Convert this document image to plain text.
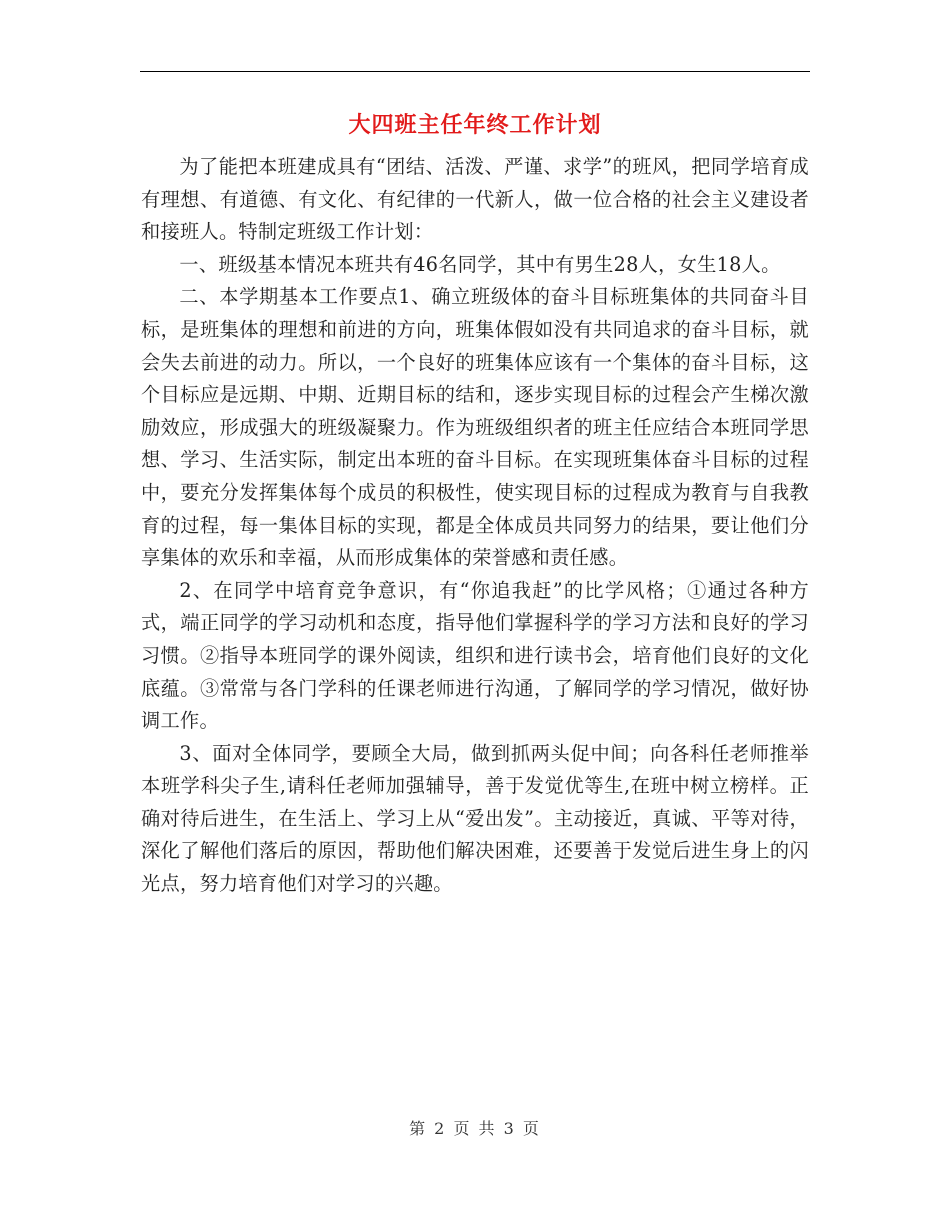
大四班主任年终工作计划

为了能把本班建成具有“团结、活泼、严谨、求学”的班风，把同学培育成有理想、有道德、有文化、有纪律的一代新人，做一位合格的社会主义建设者和接班人。特制定班级工作计划：

一、班级基本情况本班共有46名同学，其中有男生28人，女生18人。

二、本学期基本工作要点1、确立班级体的奋斗目标班集体的共同奋斗目标，是班集体的理想和前进的方向，班集体假如没有共同追求的奋斗目标，就会失去前进的动力。所以，一个良好的班集体应该有一个集体的奋斗目标，这个目标应是远期、中期、近期目标的结和，逐步实现目标的过程会产生梯次激励效应，形成强大的班级凝聚力。作为班级组织者的班主任应结合本班同学思想、学习、生活实际，制定出本班的奋斗目标。在实现班集体奋斗目标的过程中，要充分发挥集体每个成员的积极性，使实现目标的过程成为教育与自我教育的过程，每一集体目标的实现，都是全体成员共同努力的结果，要让他们分享集体的欢乐和幸福，从而形成集体的荣誉感和责任感。

2、在同学中培育竞争意识，有“你追我赶”的比学风格；①通过各种方式，端正同学的学习动机和态度，指导他们掌握科学的学习方法和良好的学习习惯。②指导本班同学的课外阅读，组织和进行读书会，培育他们良好的文化底蕴。③常常与各门学科的任课老师进行沟通，了解同学的学习情况，做好协调工作。

3、面对全体同学，要顾全大局，做到抓两头促中间；向各科任老师推举本班学科尖子生,请科任老师加强辅导，善于发觉优等生,在班中树立榜样。正确对待后进生，在生活上、学习上从“爱出发”。主动接近，真诚、平等对待，深化了解他们落后的原因，帮助他们解决困难，还要善于发觉后进生身上的闪光点，努力培育他们对学习的兴趣。

第 2 页 共 3 页
